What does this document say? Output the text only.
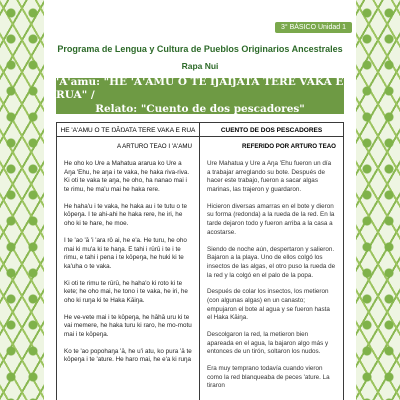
3° BÁSICO Unidad 1
Programa de Lengua y Cultura de Pueblos Originarios Ancestrales
Rapa Nui
'A'amu: "HE 'A'AMU O TE ŊĀŊATA TERE VAKA E RUA" /
Relato: "Cuento de dos pescadores"
HE 'A'AMU O TE ŊĀŊATA TERE VAKA E RUA
A ARTURO TEAO I 'A'AMU

He oho ko Ure a Mahatua ararua ko Ure a Aŋa 'Ehu, he aŋa i te vaka, he haka riva-riva. Ki oti te vaka te aŋa, he oho, ha nanao mai i te rimu, he ma'u mai he haka rere.

He haha'u i te vaka, he haka au i te tutu o te kōpeŋa. I te ahi-ahi he haka rere, he iri, he oho ki te hare, he moe.

I te 'ao 'ā 'i 'ara rō ai, he e'a. He turu, he oho mai ki mu'a ki te haŋa. E tahi i rūrū i te i te rimu, e tahi i pena i te kōpeŋa, he huki ki te ka'uha o te vaka.

Ki oti te rimu te rūrū, he haha'o ki roto ki te kete; he oho mai, he tono i te vaka, he iri, he oho ki ruŋa ki te Haka Kāiŋa.

He ve-vete mai i te kōpeŋa, he hāhā uru ki te vai memere, he haka turu ki raro, he mo-motu mai i te kōpeŋa.

Ko te 'ao popohaŋa 'ā, he u'i atu, ko pura 'ā te kōpeŋa i te 'ature. He haro mai, he e'a ki ruŋa

CUENTO DE DOS PESCADORES
REFERIDO POR ARTURO TEAO

Ure Mahatua y Ure a Aŋa 'Ehu fueron un día a trabajar arreglando su bote. Después de hacer este trabajo, fueron a sacar algas marinas, las trajeron y guardaron.

Hicieron diversas amarras en el bote y dieron su forma (redonda) a la rueda de la red. En la tarde dejaron todo y fueron arriba a la casa a acostarse.

Siendo de noche aún, despertaron y salieron. Bajaron a la playa. Uno de ellos colgó los insectos de las algas, el otro puso la rueda de la red y la colgó en el palo de la popa.

Después de colar los insectos, los metieron (con algunas algas) en un canasto; empujaron el bote al agua y se fueron hasta el Haka Kāiŋa.

Descolgaron la red, la metieron bien apareada en el agua, la bajaron algo más y entonces de un tirón, soltaron los nudos.

Era muy temprano todavía cuando vieron como la red blanqueaba de peces 'ature. La tiraron
